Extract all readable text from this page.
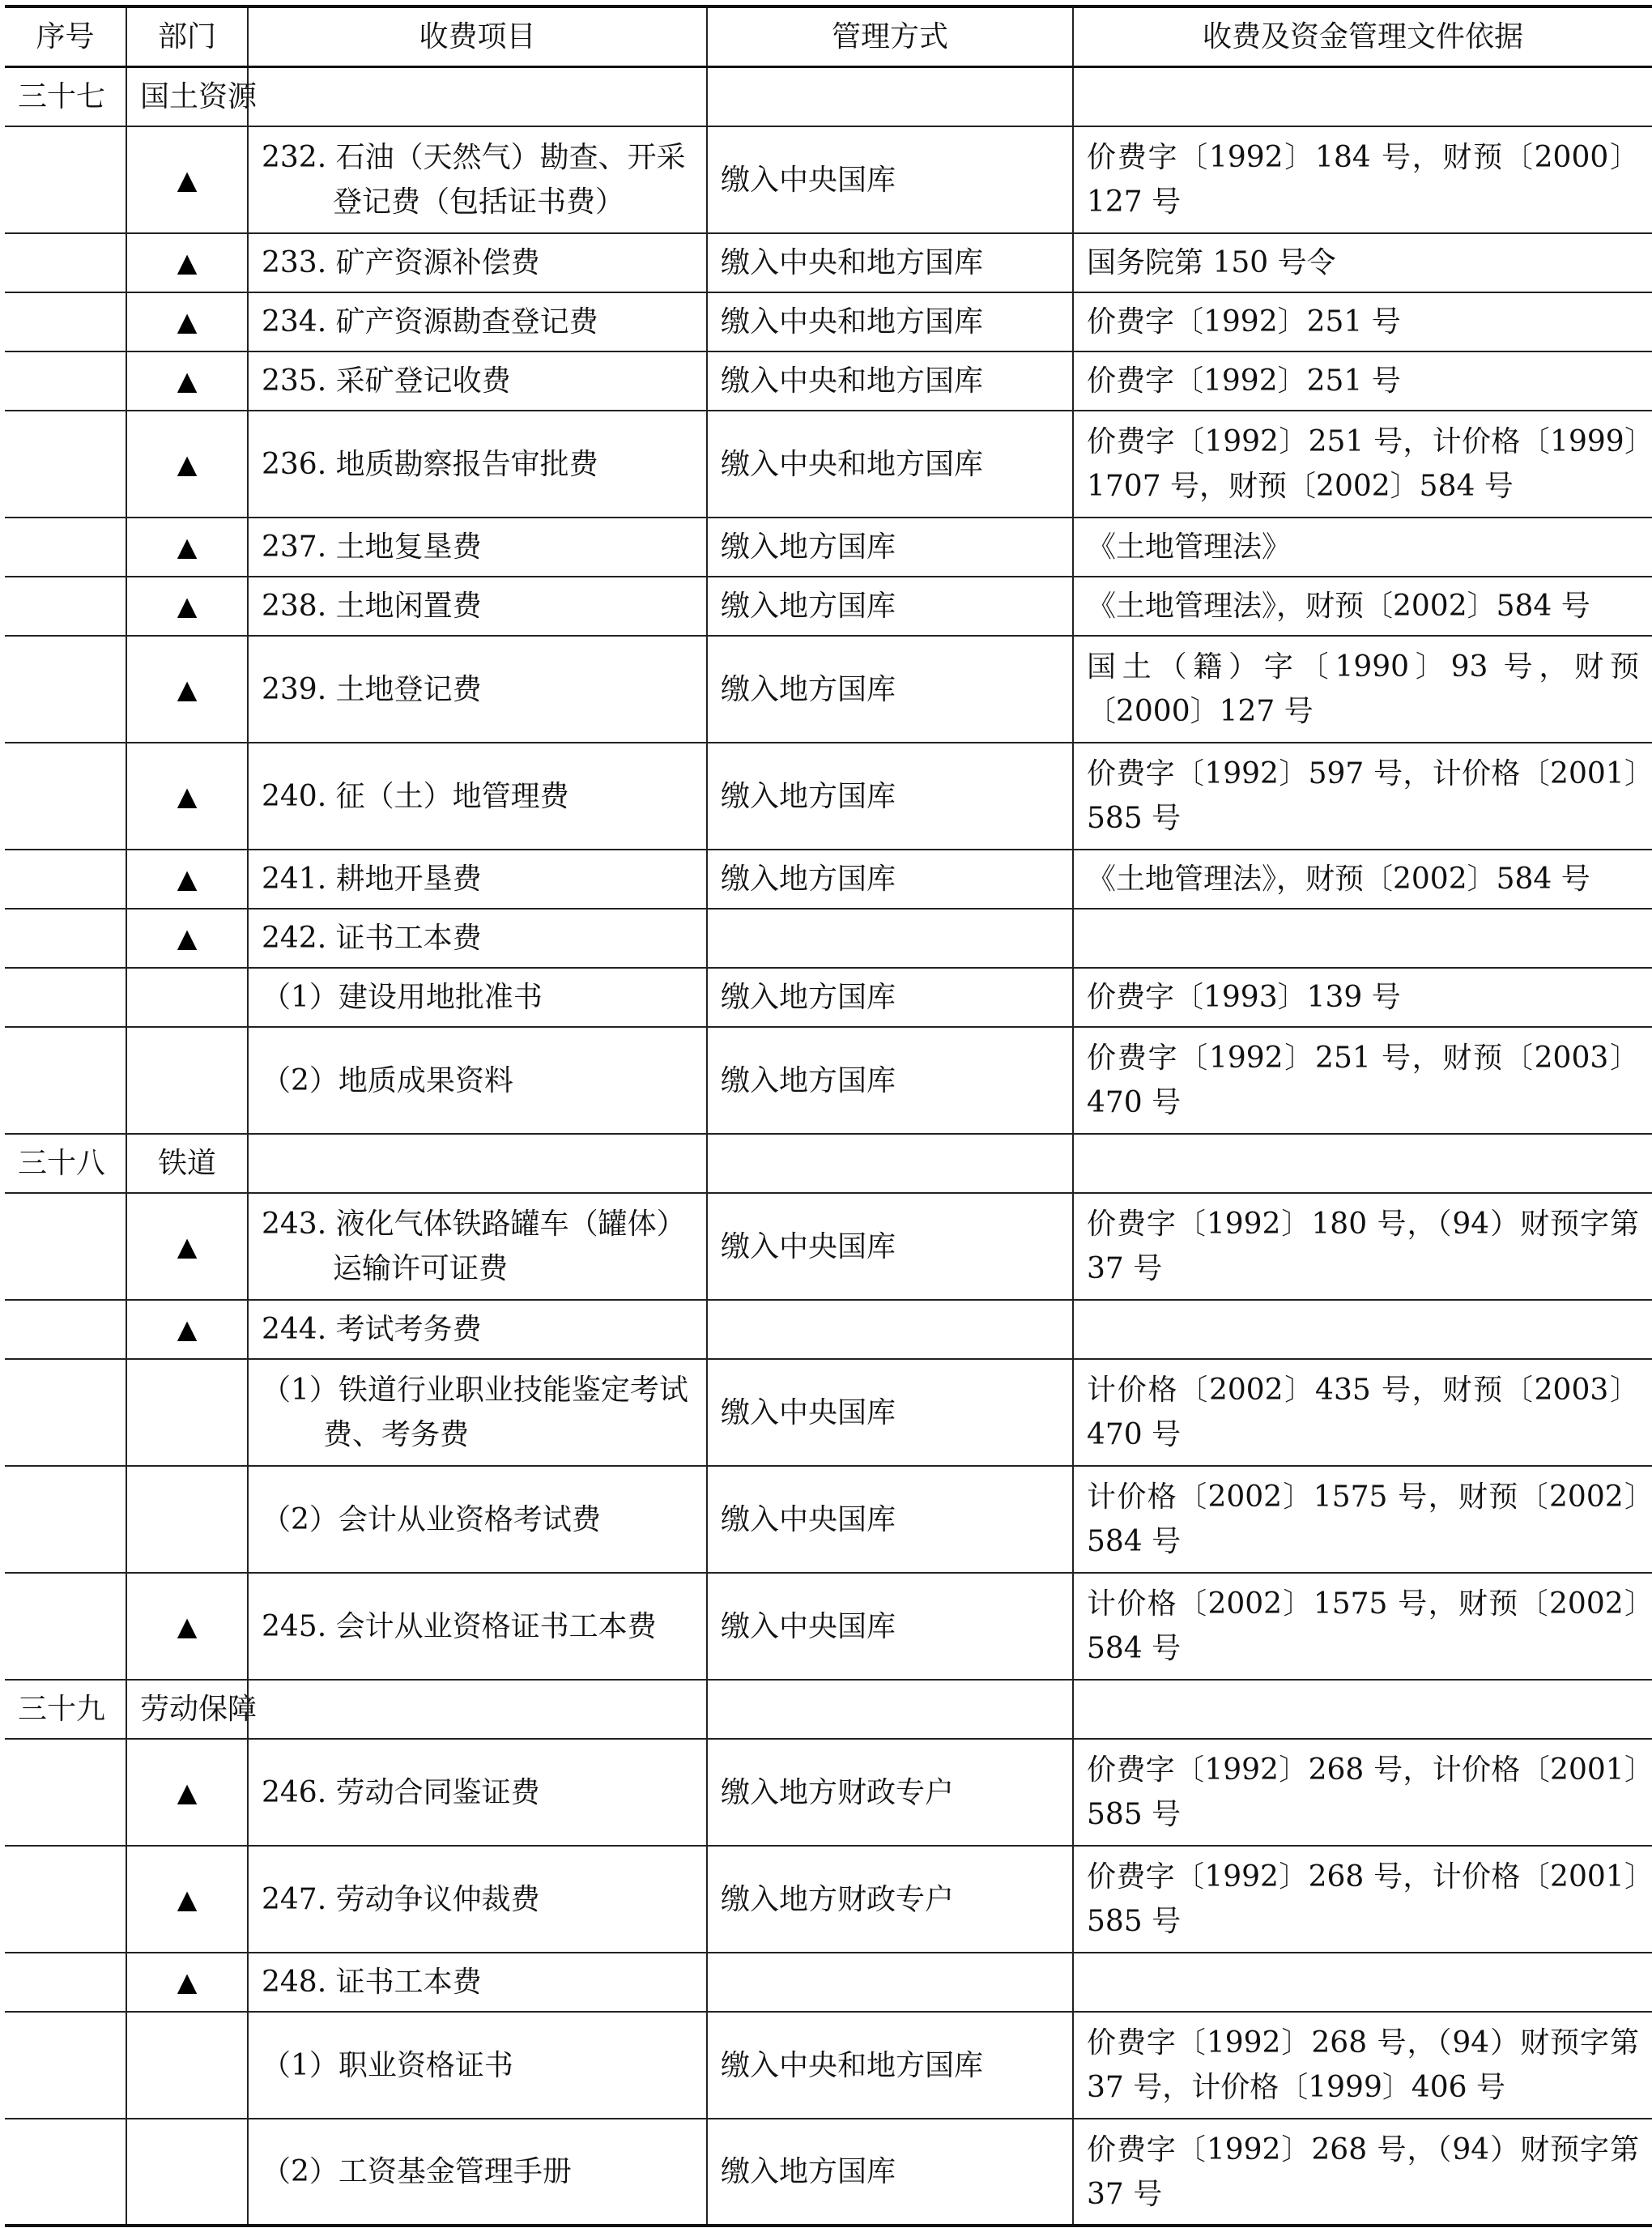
序号	部门	收费项目	管理方式	收费及资金管理文件依据
三十七	国土资源			
	▲	232. 石油（天然气）勘查、开采登记费（包括证书费）	缴入中央国库	价费字〔1992〕184 号，财预〔2000〕127 号
	▲	233. 矿产资源补偿费	缴入中央和地方国库	国务院第 150 号令
	▲	234. 矿产资源勘查登记费	缴入中央和地方国库	价费字〔1992〕251 号
	▲	235. 采矿登记收费	缴入中央和地方国库	价费字〔1992〕251 号
	▲	236. 地质勘察报告审批费	缴入中央和地方国库	价费字〔1992〕251 号，计价格〔1999〕1707 号，财预〔2002〕584 号
	▲	237. 土地复垦费	缴入地方国库	《土地管理法》
	▲	238. 土地闲置费	缴入地方国库	《土地管理法》，财预〔2002〕584 号
	▲	239. 土地登记费	缴入地方国库	国土（籍）字〔1990〕93 号，财预〔2000〕127 号
	▲	240. 征（土）地管理费	缴入地方国库	价费字〔1992〕597 号，计价格〔2001〕585 号
	▲	241. 耕地开垦费	缴入地方国库	《土地管理法》，财预〔2002〕584 号
	▲	242. 证书工本费		

		（1）建设用地批准书	缴入地方国库	价费字〔1993〕139 号

		（2）地质成果资料	缴入地方国库	价费字〔1992〕251 号，财预〔2003〕470 号
三十八	铁道			
	▲	243. 液化气体铁路罐车（罐体）运输许可证费	缴入中央国库	价费字〔1992〕180 号，（94）财预字第 37 号
	▲	244. 考试考务费		

		（1）铁道行业职业技能鉴定考试费、考务费	缴入中央国库	计价格〔2002〕435 号，财预〔2003〕470 号

		（2）会计从业资格考试费	缴入中央国库	计价格〔2002〕1575 号，财预〔2002〕584 号
	▲	245. 会计从业资格证书工本费	缴入中央国库	计价格〔2002〕1575 号，财预〔2002〕584 号
三十九	劳动保障			
	▲	246. 劳动合同鉴证费	缴入地方财政专户	价费字〔1992〕268 号，计价格〔2001〕585 号
	▲	247. 劳动争议仲裁费	缴入地方财政专户	价费字〔1992〕268 号，计价格〔2001〕585 号
	▲	248. 证书工本费		

		（1）职业资格证书	缴入中央和地方国库	价费字〔1992〕268 号，（94）财预字第 37 号，计价格〔1999〕406 号

		（2）工资基金管理手册	缴入地方国库	价费字〔1992〕268 号，（94）财预字第 37 号
